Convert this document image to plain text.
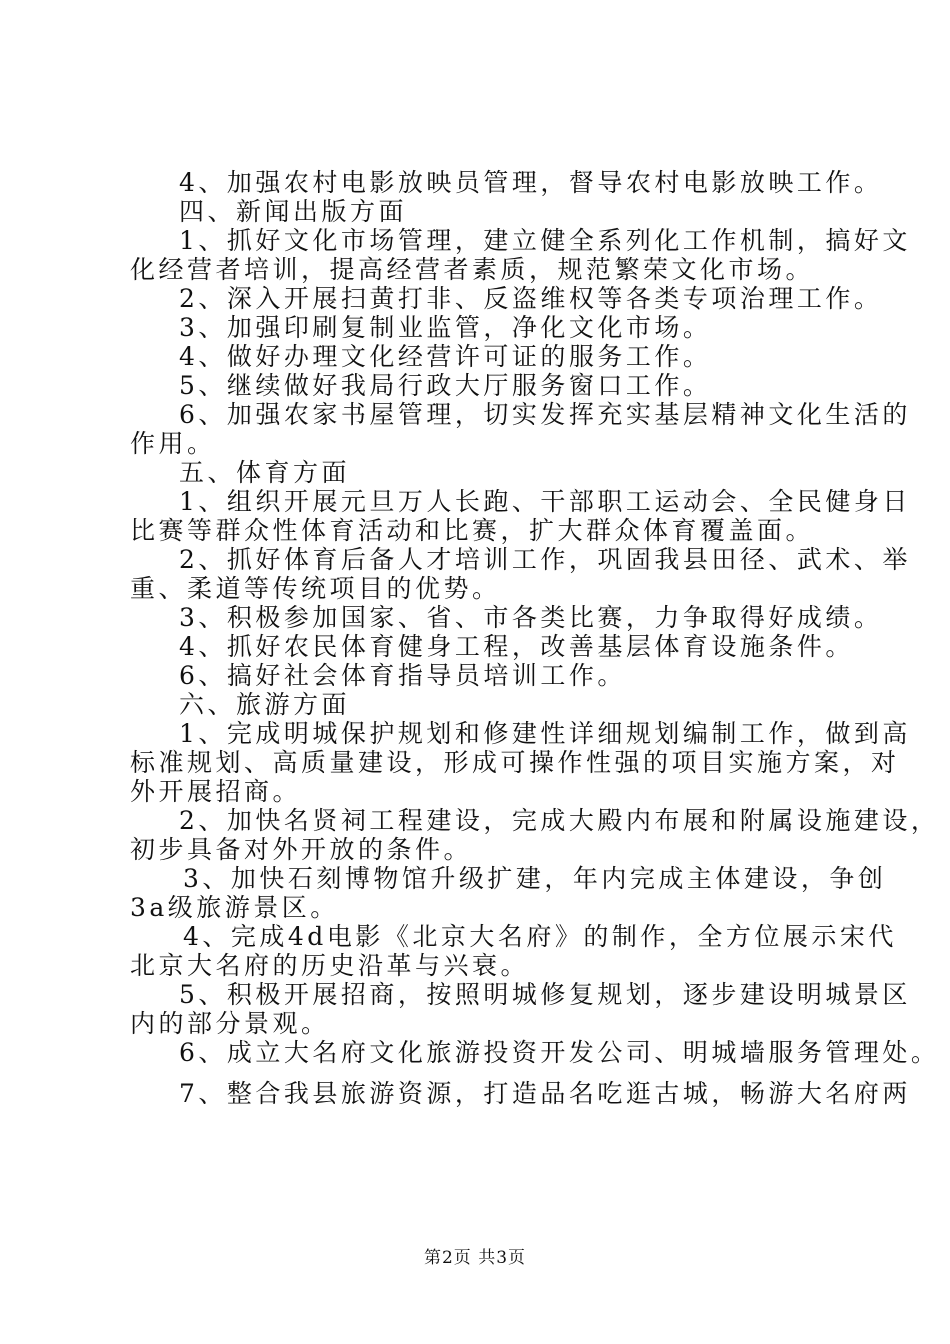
4、加强农村电影放映员管理，督导农村电影放映工作。
四、新闻出版方面
1、抓好文化市场管理，建立健全系列化工作机制，搞好文
化经营者培训，提高经营者素质，规范繁荣文化市场。
2、深入开展扫黄打非、反盗维权等各类专项治理工作。
3、加强印刷复制业监管，净化文化市场。
4、做好办理文化经营许可证的服务工作。
5、继续做好我局行政大厅服务窗口工作。
6、加强农家书屋管理，切实发挥充实基层精神文化生活的
作用。
五、体育方面
1、组织开展元旦万人长跑、干部职工运动会、全民健身日
比赛等群众性体育活动和比赛，扩大群众体育覆盖面。
2、抓好体育后备人才培训工作，巩固我县田径、武术、举
重、柔道等传统项目的优势。
3、积极参加国家、省、市各类比赛，力争取得好成绩。
4、抓好农民体育健身工程，改善基层体育设施条件。
6、搞好社会体育指导员培训工作。
六、旅游方面
1、完成明城保护规划和修建性详细规划编制工作，做到高
标准规划、高质量建设，形成可操作性强的项目实施方案，对
外开展招商。
2、加快名贤祠工程建设，完成大殿内布展和附属设施建设，
初步具备对外开放的条件。
3、加快石刻博物馆升级扩建，年内完成主体建设，争创
3a级旅游景区。
4、完成4d电影《北京大名府》的制作，全方位展示宋代
北京大名府的历史沿革与兴衰。
5、积极开展招商，按照明城修复规划，逐步建设明城景区
内的部分景观。
6、成立大名府文化旅游投资开发公司、明城墙服务管理处。
7、整合我县旅游资源，打造品名吃逛古城，畅游大名府两
第2页 共3页
